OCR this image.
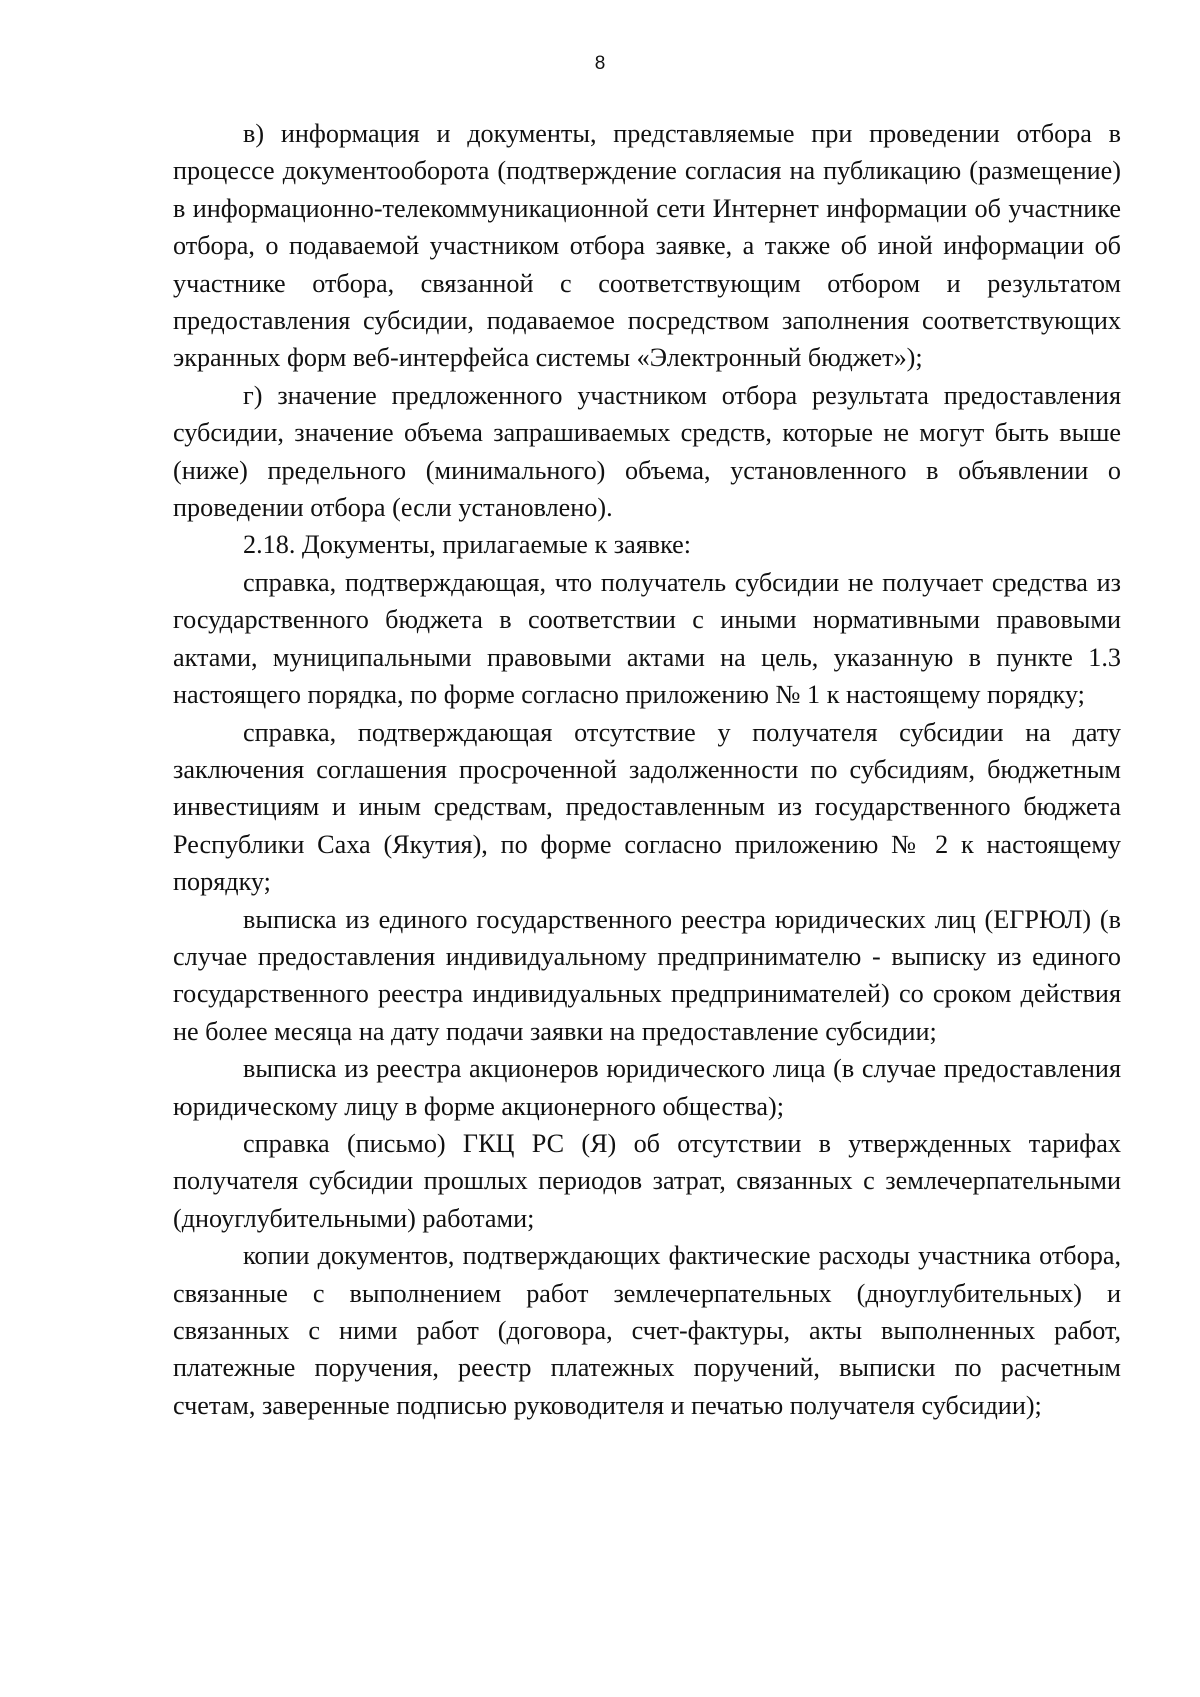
8

в) информация и документы, представляемые при проведении отбора в процессе документооборота (подтверждение согласия на публикацию (размещение) в информационно-телекоммуникационной сети Интернет информации об участнике отбора, о подаваемой участником отбора заявке, а также об иной информации об участнике отбора, связанной с соответствующим отбором и результатом предоставления субсидии, подаваемое посредством заполнения соответствующих экранных форм веб-интерфейса системы «Электронный бюджет»);

г) значение предложенного участником отбора результата предоставления субсидии, значение объема запрашиваемых средств, которые не могут быть выше (ниже) предельного (минимального) объема, установленного в объявлении о проведении отбора (если установлено).

2.18. Документы, прилагаемые к заявке:

справка, подтверждающая, что получатель субсидии не получает средства из государственного бюджета в соответствии с иными нормативными правовыми актами, муниципальными правовыми актами на цель, указанную в пункте 1.3 настоящего порядка, по форме согласно приложению № 1 к настоящему порядку;

справка, подтверждающая отсутствие у получателя субсидии на дату заключения соглашения просроченной задолженности по субсидиям, бюджетным инвестициям и иным средствам, предоставленным из государственного бюджета Республики Саха (Якутия), по форме согласно приложению № 2 к настоящему порядку;

выписка из единого государственного реестра юридических лиц (ЕГРЮЛ) (в случае предоставления индивидуальному предпринимателю - выписку из единого государственного реестра индивидуальных предпринимателей) со сроком действия не более месяца на дату подачи заявки на предоставление субсидии;

выписка из реестра акционеров юридического лица (в случае предоставления юридическому лицу в форме акционерного общества);

справка (письмо) ГКЦ РС (Я) об отсутствии в утвержденных тарифах получателя субсидии прошлых периодов затрат, связанных с землечерпательными (дноуглубительными) работами;

копии документов, подтверждающих фактические расходы участника отбора, связанные с выполнением работ землечерпательных (дноуглубительных) и связанных с ними работ (договора, счет-фактуры, акты выполненных работ, платежные поручения, реестр платежных поручений, выписки по расчетным счетам, заверенные подписью руководителя и печатью получателя субсидии);
